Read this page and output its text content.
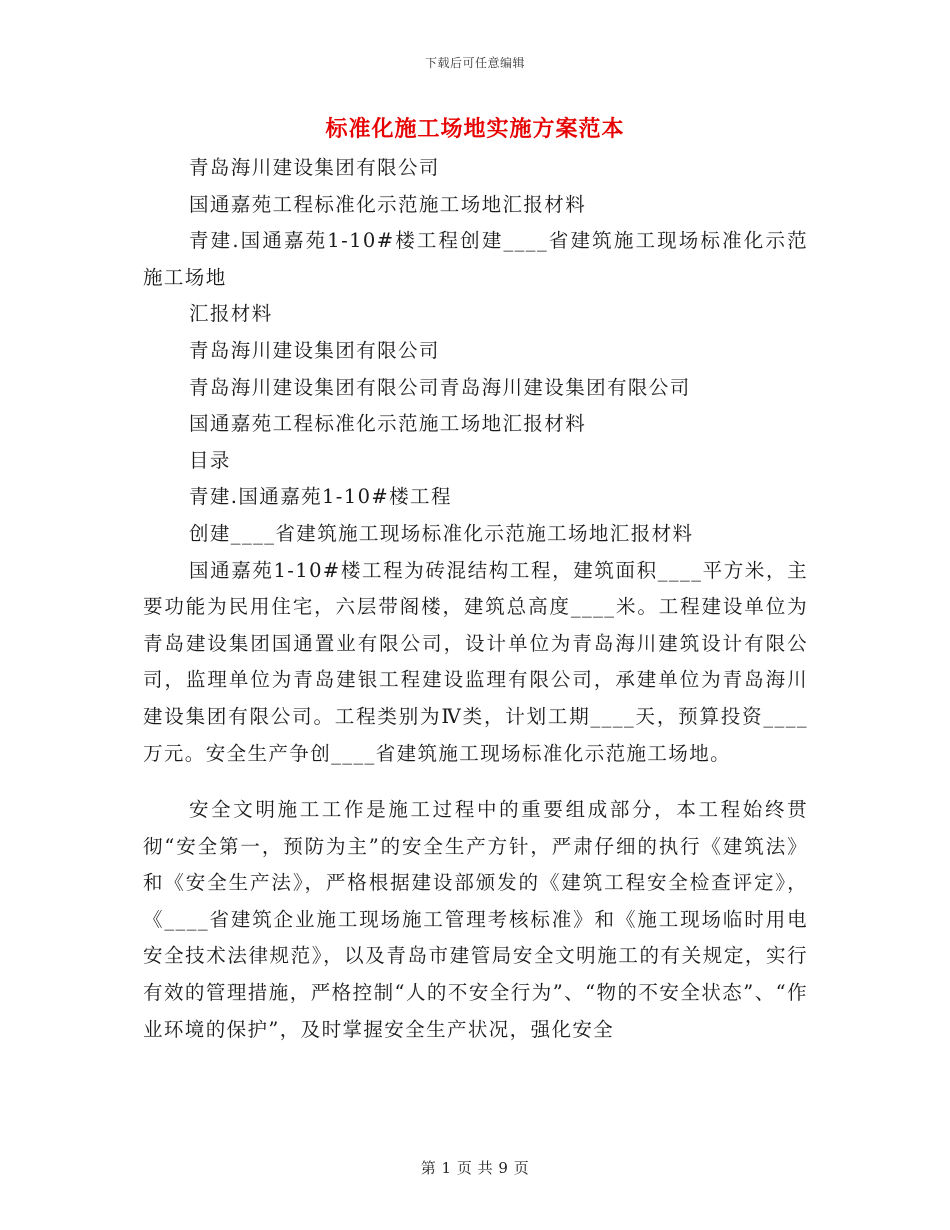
下载后可任意编辑
标准化施工场地实施方案范本

青岛海川建设集团有限公司

国通嘉苑工程标准化示范施工场地汇报材料

青建.国通嘉苑1-10#楼工程创建____省建筑施工现场标准化示范施工场地

汇报材料

青岛海川建设集团有限公司

青岛海川建设集团有限公司青岛海川建设集团有限公司

国通嘉苑工程标准化示范施工场地汇报材料

目录

青建.国通嘉苑1-10#楼工程

创建____省建筑施工现场标准化示范施工场地汇报材料

国通嘉苑1-10#楼工程为砖混结构工程，建筑面积____平方米，主要功能为民用住宅，六层带阁楼，建筑总高度____米。工程建设单位为青岛建设集团国通置业有限公司，设计单位为青岛海川建筑设计有限公司，监理单位为青岛建银工程建设监理有限公司，承建单位为青岛海川建设集团有限公司。工程类别为Ⅳ类，计划工期____天，预算投资____万元。安全生产争创____省建筑施工现场标准化示范施工场地。

安全文明施工工作是施工过程中的重要组成部分，本工程始终贯彻“安全第一，预防为主”的安全生产方针，严肃仔细的执行《建筑法》和《安全生产法》，严格根据建设部颁发的《建筑工程安全检查评定》，《____省建筑企业施工现场施工管理考核标准》和《施工现场临时用电安全技术法律规范》，以及青岛市建管局安全文明施工的有关规定，实行有效的管理措施，严格控制“人的不安全行为”、“物的不安全状态”、“作业环境的保护”，及时掌握安全生产状况，强化安全

第 1 页 共 9 页
